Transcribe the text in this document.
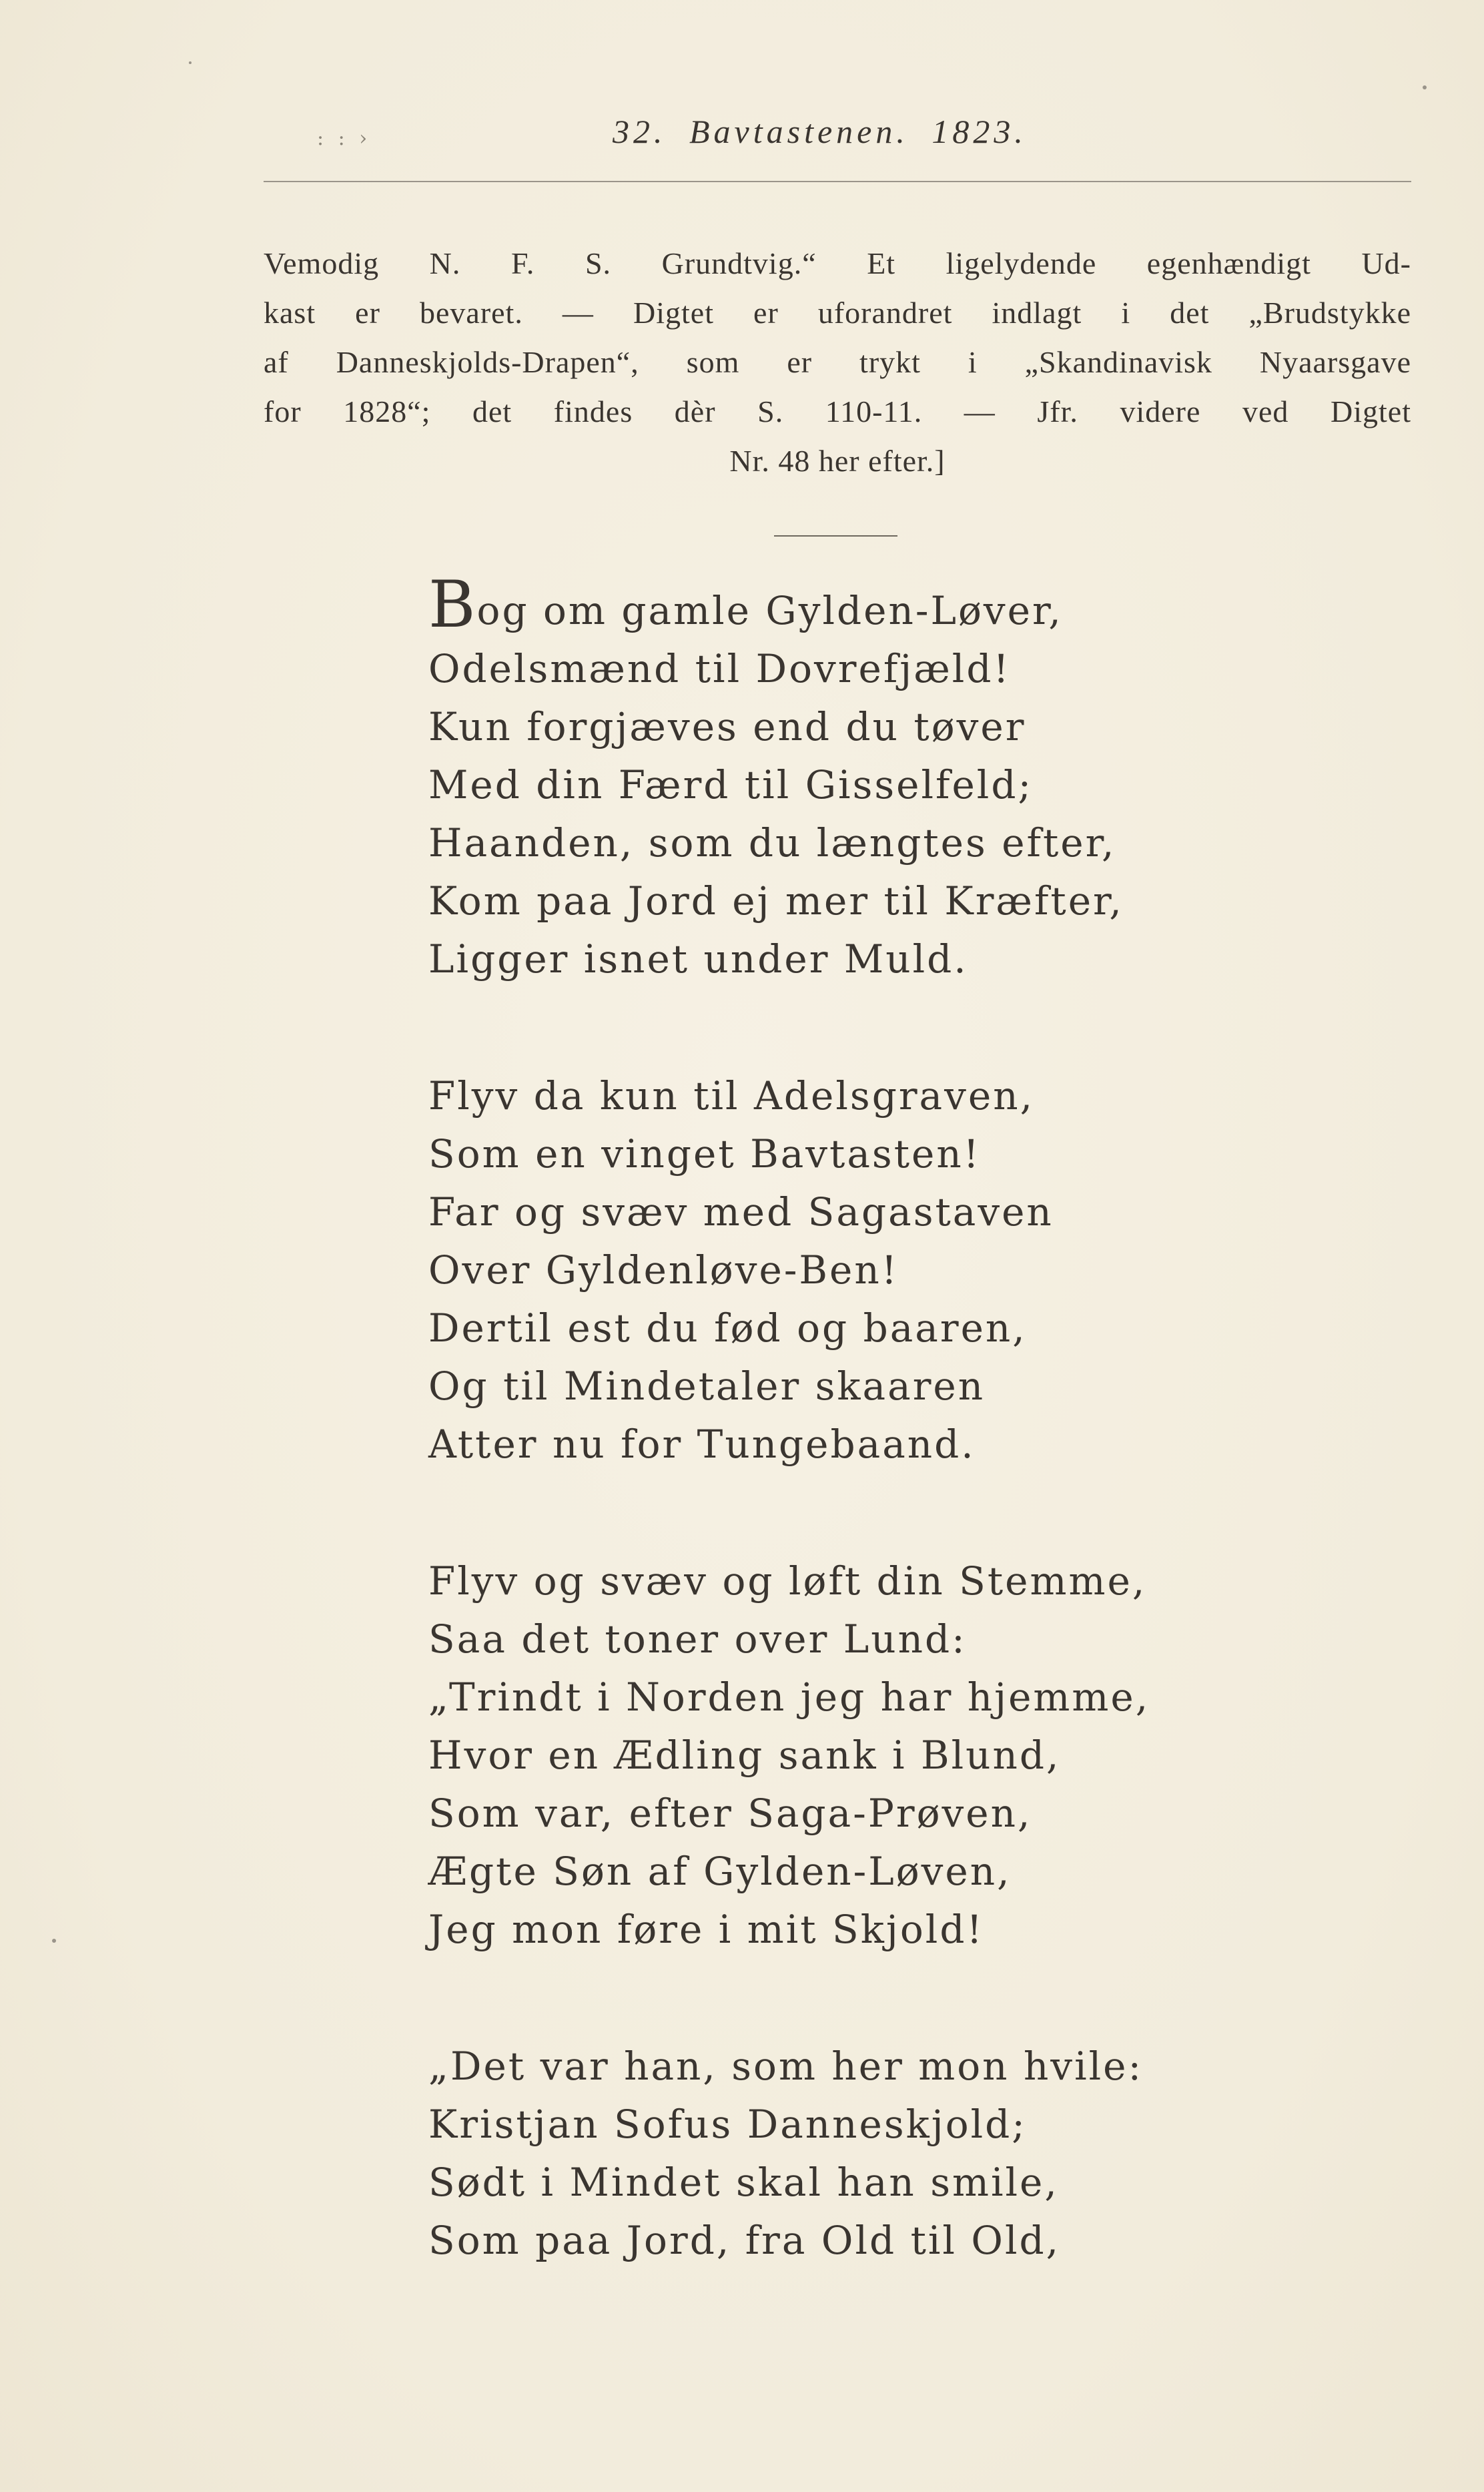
: : ›	32. Bavtastenen. 1823.

Vemodig N. F. S. Grundtvig.“ Et ligelydende egenhændigt Ud-

kast er bevaret. — Digtet er uforandret indlagt i det „Brudstykke

af Danneskjolds-Drapen“, som er trykt i „Skandinavisk Nyaarsgave

for 1828“; det findes dèr S. 110-11. — Jfr. videre ved Digtet

Nr. 48 her efter.]

Bog om gamle Gylden-Løver,
Odelsmænd til Dovrefjæld!
Kun forgjæves end du tøver
Med din Færd til Gisselfeld;
Haanden, som du længtes efter,
Kom paa Jord ej mer til Kræfter,
Ligger isnet under Muld.
Flyv da kun til Adelsgraven,
Som en vinget Bavtasten!
Far og svæv med Sagastaven
Over Gyldenløve-Ben!
Dertil est du fød og baaren,
Og til Mindetaler skaaren
Atter nu for Tungebaand.
Flyv og svæv og løft din Stemme,
Saa det toner over Lund:
„Trindt i Norden jeg har hjemme,
Hvor en Ædling sank i Blund,
Som var, efter Saga-Prøven,
Ægte Søn af Gylden-Løven,
Jeg mon føre i mit Skjold!
„Det var han, som her mon hvile:
Kristjan Sofus Danneskjold;
Sødt i Mindet skal han smile,
Som paa Jord, fra Old til Old,
